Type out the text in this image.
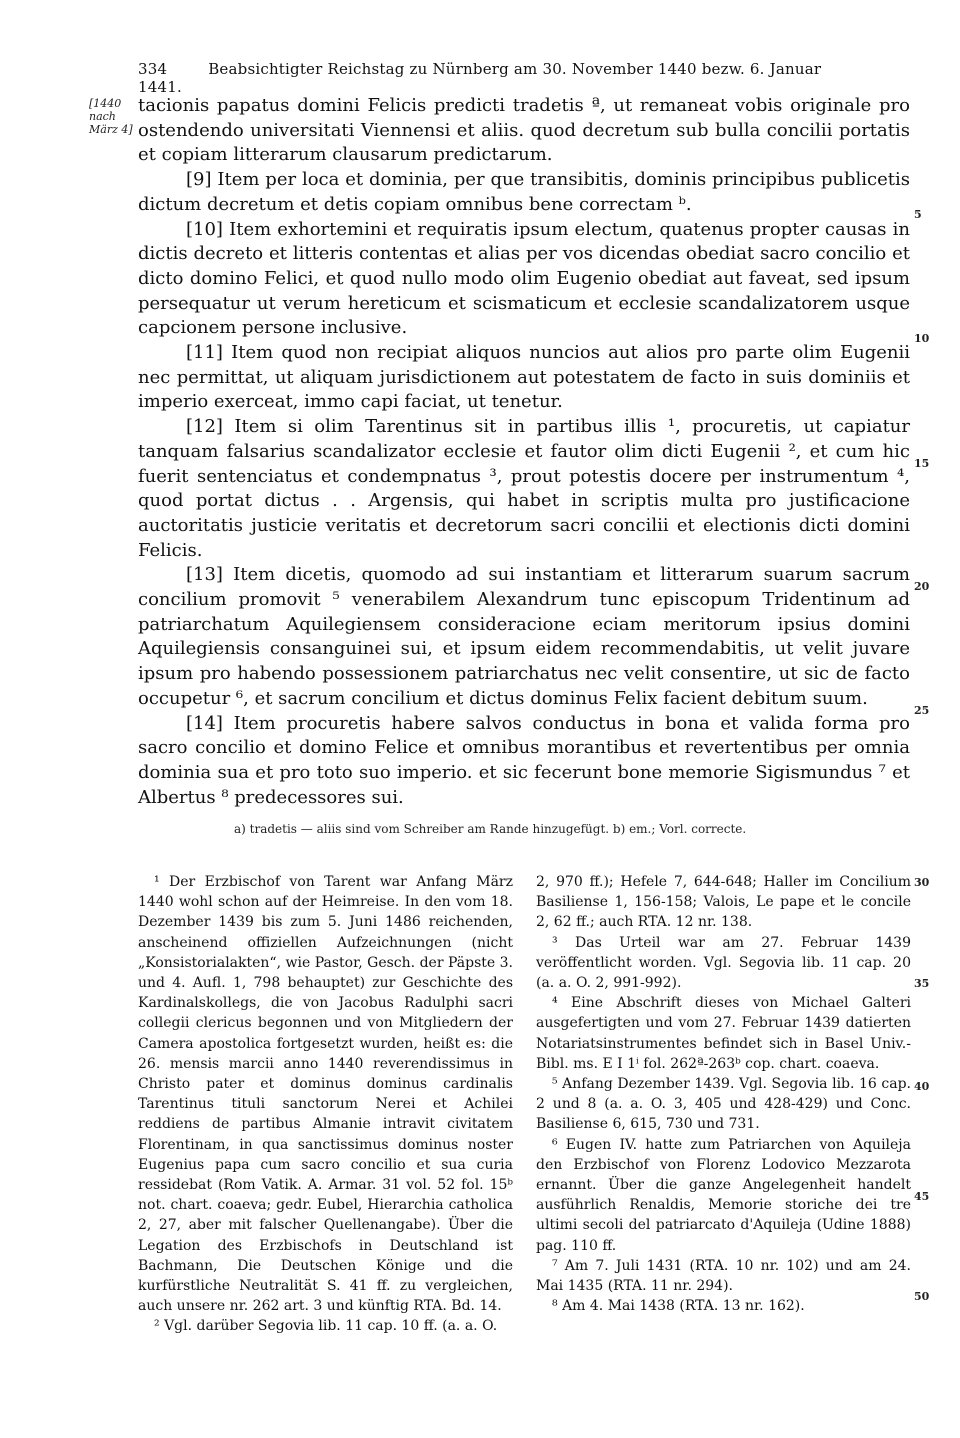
334	Beabsichtigter Reichstag zu Nürnberg am 30. November 1440 bezw. 6. Januar 1441.
[1440 nach März 4]

tacionis papatus domini Felicis predicti tradetis ª, ut remaneat vobis originale pro ostendendo universitati Viennensi et aliis. quod decretum sub bulla concilii portatis et copiam litterarum clausarum predictarum.

[9] Item per loca et dominia, per que transibitis, dominis principibus publicetis dictum decretum et detis copiam omnibus bene correctam ᵇ.

[10] Item exhortemini et requiratis ipsum electum, quatenus propter causas in dictis decreto et litteris contentas et alias per vos dicendas obediat sacro concilio et dicto domino Felici, et quod nullo modo olim Eugenio obediat aut faveat, sed ipsum persequatur ut verum hereticum et scismaticum et ecclesie scandalizatorem usque capcionem persone inclusive.

[11] Item quod non recipiat aliquos nuncios aut alios pro parte olim Eugenii nec permittat, ut aliquam jurisdictionem aut potestatem de facto in suis dominiis et imperio exerceat, immo capi faciat, ut tenetur.

[12] Item si olim Tarentinus sit in partibus illis ¹, procuretis, ut capiatur tanquam falsarius scandalizator ecclesie et fautor olim dicti Eugenii ², et cum hic fuerit sentenciatus et condempnatus ³, prout potestis docere per instrumentum ⁴, quod portat dictus . . Argensis, qui habet in scriptis multa pro justificacione auctoritatis justicie veritatis et decretorum sacri concilii et electionis dicti domini Felicis.

[13] Item dicetis, quomodo ad sui instantiam et litterarum suarum sacrum concilium promovit ⁵ venerabilem Alexandrum tunc episcopum Tridentinum ad patriarchatum Aquilegiensem consideracione eciam meritorum ipsius domini Aquilegiensis consanguinei sui, et ipsum eidem recommendabitis, ut velit juvare ipsum pro habendo possessionem patriarchatus nec velit consentire, ut sic de facto occupetur ⁶, et sacrum concilium et dictus dominus Felix facient debitum suum.

[14] Item procuretis habere salvos conductus in bona et valida forma pro sacro concilio et domino Felice et omnibus morantibus et revertentibus per omnia dominia sua et pro toto suo imperio. et sic fecerunt bone memorie Sigismundus ⁷ et Albertus ⁸ predecessores sui.

5
10
15
20
25
30
35
40
45
50
a) tradetis — aliis sind vom Schreiber am Rande hinzugefügt. b) em.; Vorl. correcte.

¹ Der Erzbischof von Tarent war Anfang März 1440 wohl schon auf der Heimreise. In den vom 18. Dezember 1439 bis zum 5. Juni 1486 reichenden, anscheinend offiziellen Aufzeichnungen (nicht „Konsistorialakten“, wie Pastor, Gesch. der Päpste 3. und 4. Aufl. 1, 798 behauptet) zur Geschichte des Kardinalskollegs, die von Jacobus Radulphi sacri collegii clericus begonnen und von Mitgliedern der Camera apostolica fortgesetzt wurden, heißt es: die 26. mensis marcii anno 1440 reverendissimus in Christo pater et dominus dominus cardinalis Tarentinus tituli sanctorum Nerei et Achilei reddiens de partibus Almanie intravit civitatem Florentinam, in qua sanctissimus dominus noster Eugenius papa cum sacro concilio et sua curia ressidebat (Rom Vatik. A. Armar. 31 vol. 52 fol. 15ᵇ not. chart. coaeva; gedr. Eubel, Hierarchia catholica 2, 27, aber mit falscher Quellenangabe). Über die Legation des Erzbischofs in Deutschland ist Bachmann, Die Deutschen Könige und die kurfürstliche Neutralität S. 41 ff. zu vergleichen, auch unsere nr. 262 art. 3 und künftig RTA. Bd. 14.

² Vgl. darüber Segovia lib. 11 cap. 10 ff. (a. a. O.

2, 970 ff.); Hefele 7, 644-648; Haller im Concilium Basiliense 1, 156-158; Valois, Le pape et le concile 2, 62 ff.; auch RTA. 12 nr. 138.

³ Das Urteil war am 27. Februar 1439 veröffentlicht worden. Vgl. Segovia lib. 11 cap. 20 (a. a. O. 2, 991-992).

⁴ Eine Abschrift dieses von Michael Galteri ausgefertigten und vom 27. Februar 1439 datierten Notariatsinstrumentes befindet sich in Basel Univ.-Bibl. ms. E I 1ⁱ fol. 262ª-263ᵇ cop. chart. coaeva.

⁵ Anfang Dezember 1439. Vgl. Segovia lib. 16 cap. 2 und 8 (a. a. O. 3, 405 und 428-429) und Conc. Basiliense 6, 615, 730 und 731.

⁶ Eugen IV. hatte zum Patriarchen von Aquileja den Erzbischof von Florenz Lodovico Mezzarota ernannt. Über die ganze Angelegenheit handelt ausführlich Renaldis, Memorie storiche dei tre ultimi secoli del patriarcato d'Aquileja (Udine 1888) pag. 110 ff.

⁷ Am 7. Juli 1431 (RTA. 10 nr. 102) und am 24. Mai 1435 (RTA. 11 nr. 294).

⁸ Am 4. Mai 1438 (RTA. 13 nr. 162).
